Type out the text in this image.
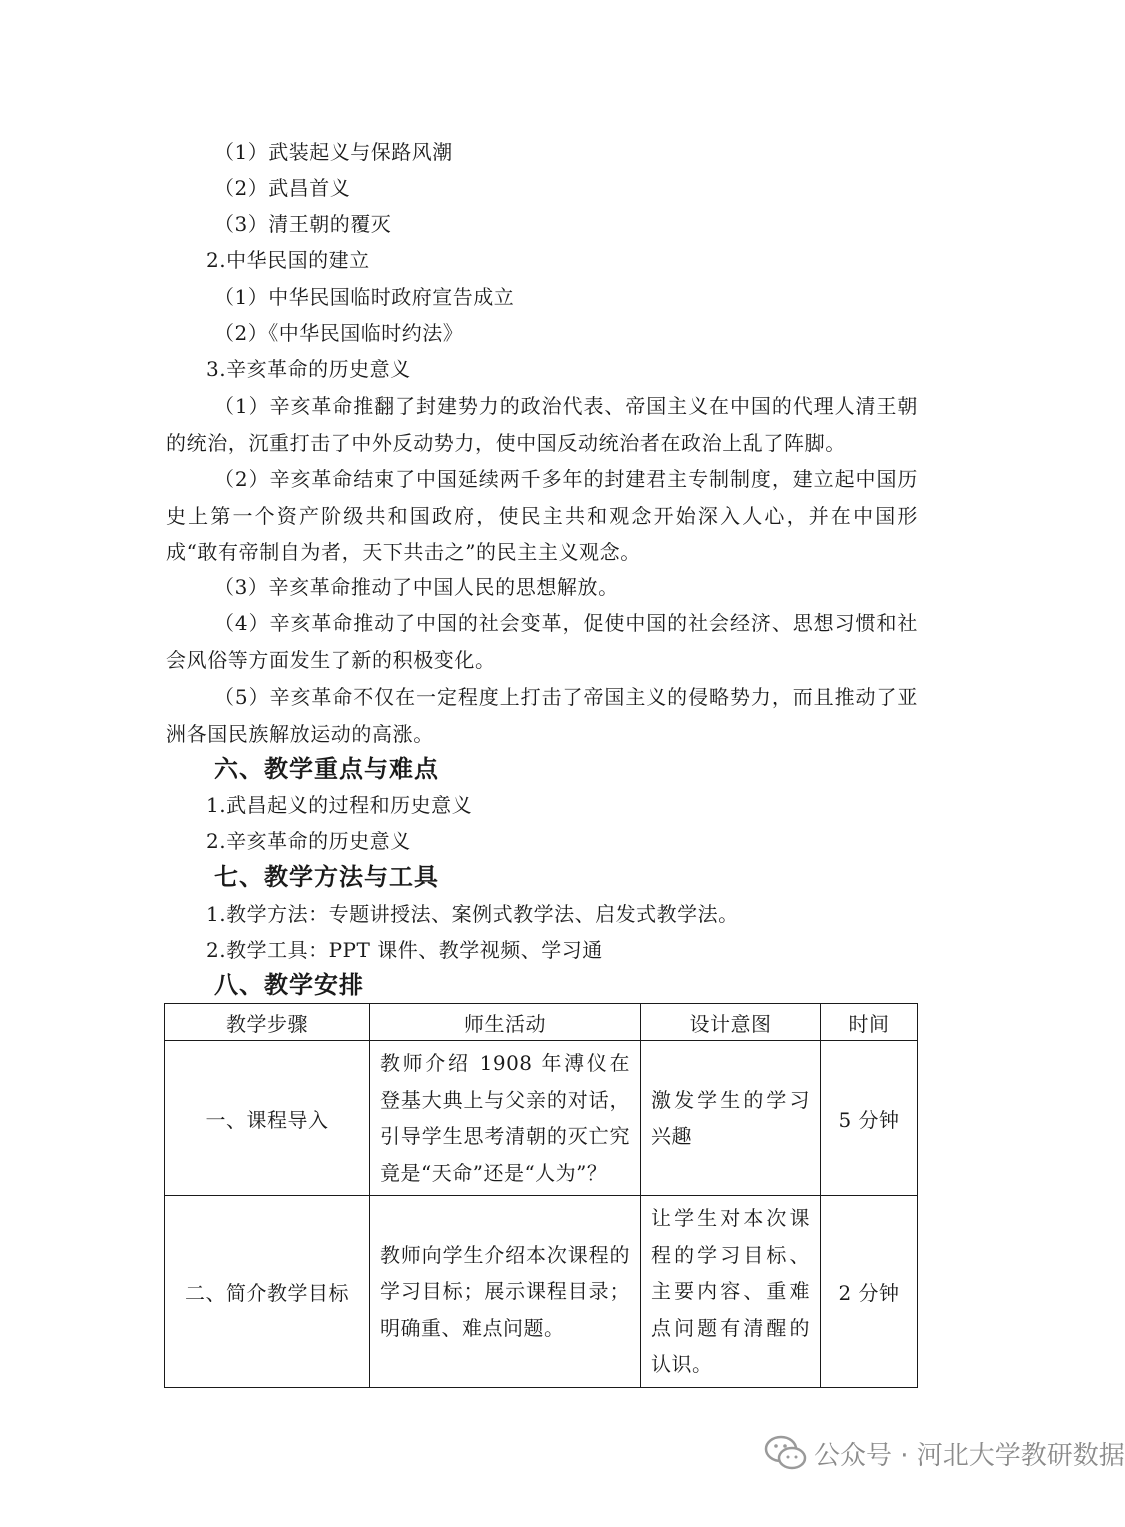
（1）武装起义与保路风潮
（2）武昌首义
（3）清王朝的覆灭
2.中华民国的建立
（1）中华民国临时政府宣告成立
（2）《中华民国临时约法》
3.辛亥革命的历史意义
（1）辛亥革命推翻了封建势力的政治代表、帝国主义在中国的代理人清王朝的统治，沉重打击了中外反动势力，使中国反动统治者在政治上乱了阵脚。
（2）辛亥革命结束了中国延续两千多年的封建君主专制制度，建立起中国历史上第一个资产阶级共和国政府，使民主共和观念开始深入人心，并在中国形成“敢有帝制自为者，天下共击之”的民主主义观念。
（3）辛亥革命推动了中国人民的思想解放。
（4）辛亥革命推动了中国的社会变革，促使中国的社会经济、思想习惯和社会风俗等方面发生了新的积极变化。
（5）辛亥革命不仅在一定程度上打击了帝国主义的侵略势力，而且推动了亚洲各国民族解放运动的高涨。
六、教学重点与难点
1.武昌起义的过程和历史意义
2.辛亥革命的历史意义
七、教学方法与工具
1.教学方法：专题讲授法、案例式教学法、启发式教学法。
2.教学工具：PPT 课件、教学视频、学习通
八、教学安排
教学步骤	师生活动	设计意图	时间
一、课程导入	教师介绍 1908 年溥仪在登基大典上与父亲的对话，引导学生思考清朝的灭亡究竟是“天命”还是“人为”？	激发学生的学习兴趣	5 分钟
二、简介教学目标	教师向学生介绍本次课程的学习目标；展示课程目录；明确重、难点问题。	让学生对本次课程的学习目标、主要内容、重难点问题有清醒的认识。	2 分钟
公众号 · 河北大学教研数据
